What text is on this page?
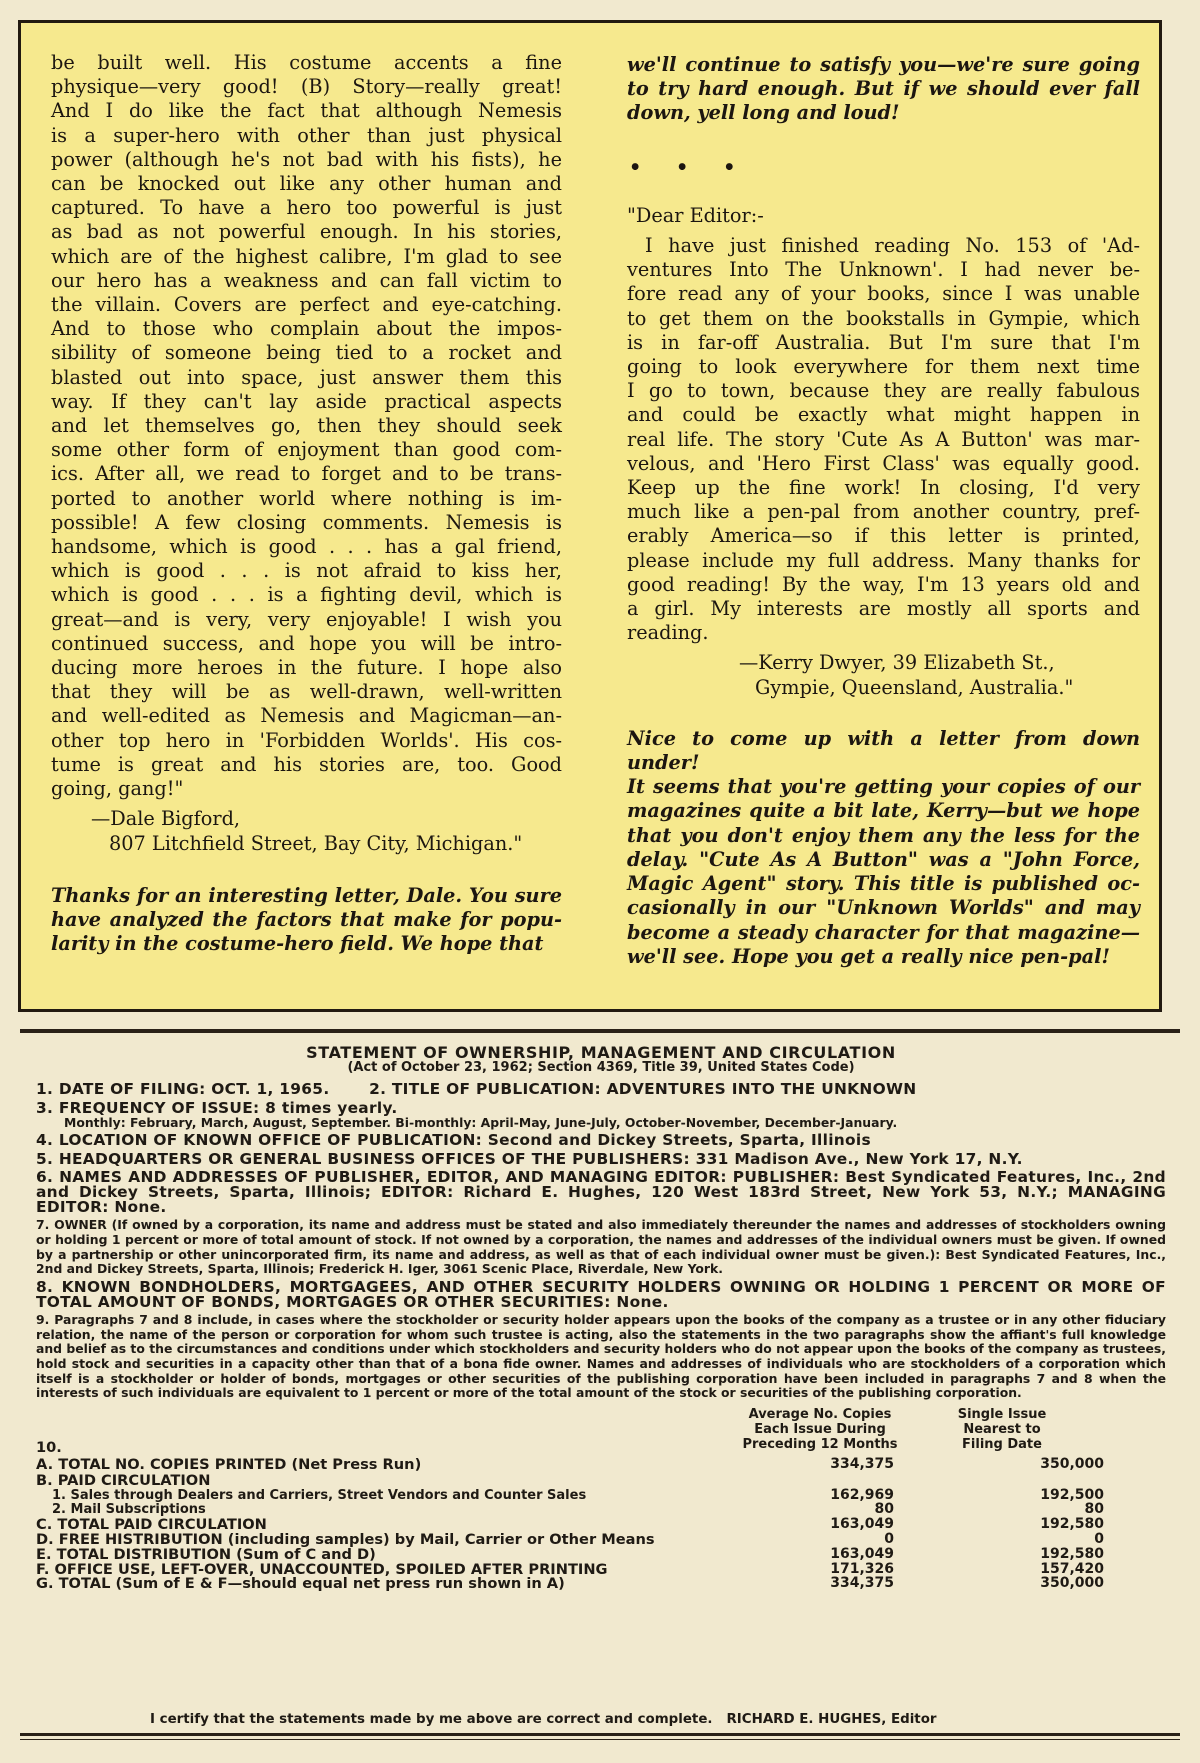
be built well. His costume accents a fine
physique—very good! (B) Story—really great!
And I do like the fact that although Nemesis
is a super-hero with other than just physical
power (although he's not bad with his fists), he
can be knocked out like any other human and
captured. To have a hero too powerful is just
as bad as not powerful enough. In his stories,
which are of the highest calibre, I'm glad to see
our hero has a weakness and can fall victim to
the villain. Covers are perfect and eye-catching.
And to those who complain about the impos-
sibility of someone being tied to a rocket and
blasted out into space, just answer them this
way. If they can't lay aside practical aspects
and let themselves go, then they should seek
some other form of enjoyment than good com-
ics. After all, we read to forget and to be trans-
ported to another world where nothing is im-
possible! A few closing comments. Nemesis is
handsome, which is good . . . has a gal friend,
which is good . . . is not afraid to kiss her,
which is good . . . is a fighting devil, which is
great—and is very, very enjoyable! I wish you
continued success, and hope you will be intro-
ducing more heroes in the future. I hope also
that they will be as well-drawn, well-written
and well-edited as Nemesis and Magicman—an-
other top hero in 'Forbidden Worlds'. His cos-
tume is great and his stories are, too. Good
going, gang!"
—Dale Bigford,
807 Litchfield Street, Bay City, Michigan."
Thanks for an interesting letter, Dale. You sure
have analyzed the factors that make for popu-
larity in the costume-hero field. We hope that
we'll continue to satisfy you—we're sure going
to try hard enough. But if we should ever fall
down, yell long and loud!
• • •
"Dear Editor:-
I have just finished reading No. 153 of 'Ad-
ventures Into The Unknown'. I had never be-
fore read any of your books, since I was unable
to get them on the bookstalls in Gympie, which
is in far-off Australia. But I'm sure that I'm
going to look everywhere for them next time
I go to town, because they are really fabulous
and could be exactly what might happen in
real life. The story 'Cute As A Button' was mar-
velous, and 'Hero First Class' was equally good.
Keep up the fine work! In closing, I'd very
much like a pen-pal from another country, pref-
erably America—so if this letter is printed,
please include my full address. Many thanks for
good reading! By the way, I'm 13 years old and
a girl. My interests are mostly all sports and
reading.
—Kerry Dwyer, 39 Elizabeth St.,
Gympie, Queensland, Australia."
Nice to come up with a letter from down under!
It seems that you're getting your copies of our
magazines quite a bit late, Kerry—but we hope
that you don't enjoy them any the less for the
delay. "Cute As A Button" was a "John Force,
Magic Agent" story. This title is published oc-
casionally in our "Unknown Worlds" and may
become a steady character for that magazine—
we'll see. Hope you get a really nice pen-pal!
STATEMENT OF OWNERSHIP, MANAGEMENT AND CIRCULATION
(Act of October 23, 1962; Section 4369, Title 39, United States Code)
1. DATE OF FILING: OCT. 1, 1965.       2. TITLE OF PUBLICATION: ADVENTURES INTO THE UNKNOWN
3. FREQUENCY OF ISSUE: 8 times yearly.
Monthly: February, March, August, September. Bi-monthly: April-May, June-July, October-November, December-January.
4. LOCATION OF KNOWN OFFICE OF PUBLICATION: Second and Dickey Streets, Sparta, Illinois
5. HEADQUARTERS OR GENERAL BUSINESS OFFICES OF THE PUBLISHERS: 331 Madison Ave., New York 17, N.Y.
6. NAMES AND ADDRESSES OF PUBLISHER, EDITOR, AND MANAGING EDITOR: PUBLISHER: Best Syndicated Features, Inc., 2nd and Dickey Streets, Sparta, Illinois; EDITOR: Richard E. Hughes, 120 West 183rd Street, New York 53, N.Y.; MANAGING EDITOR: None.
7. OWNER (If owned by a corporation, its name and address must be stated and also immediately thereunder the names and addresses of stockholders owning or holding 1 percent or more of total amount of stock. If not owned by a corporation, the names and addresses of the individual owners must be given. If owned by a partnership or other unincorporated firm, its name and address, as well as that of each individual owner must be given.): Best Syndicated Features, Inc., 2nd and Dickey Streets, Sparta, Illinois; Frederick H. Iger, 3061 Scenic Place, Riverdale, New York.
8. KNOWN BONDHOLDERS, MORTGAGEES, AND OTHER SECURITY HOLDERS OWNING OR HOLDING 1 PERCENT OR MORE OF TOTAL AMOUNT OF BONDS, MORTGAGES OR OTHER SECURITIES: None.
9. Paragraphs 7 and 8 include, in cases where the stockholder or security holder appears upon the books of the company as a trustee or in any other fiduciary relation, the name of the person or corporation for whom such trustee is acting, also the statements in the two paragraphs show the affiant's full knowledge and belief as to the circumstances and conditions under which stockholders and security holders who do not appear upon the books of the company as trustees, hold stock and securities in a capacity other than that of a bona fide owner. Names and addresses of individuals who are stockholders of a corporation which itself is a stockholder or holder of bonds, mortgages or other securities of the publishing corporation have been included in paragraphs 7 and 8 when the interests of such individuals are equivalent to 1 percent or more of the total amount of the stock or securities of the publishing corporation.
Average No. Copies
Each Issue During
Preceding 12 Months
Single Issue
Nearest to
Filing Date
10.
A. TOTAL NO. COPIES PRINTED (Net Press Run)	334,375	350,000
B. PAID CIRCULATION
1. Sales through Dealers and Carriers, Street Vendors and Counter Sales	162,969	192,500
2. Mail Subscriptions	80	80
C. TOTAL PAID CIRCULATION	163,049	192,580
D. FREE HISTRIBUTION (including samples) by Mail, Carrier or Other Means	0	0
E. TOTAL DISTRIBUTION (Sum of C and D)	163,049	192,580
F. OFFICE USE, LEFT-OVER, UNACCOUNTED, SPOILED AFTER PRINTING	171,326	157,420
G. TOTAL (Sum of E & F—should equal net press run shown in A)	334,375	350,000
I certify that the statements made by me above are correct and complete.   RICHARD E. HUGHES, Editor
